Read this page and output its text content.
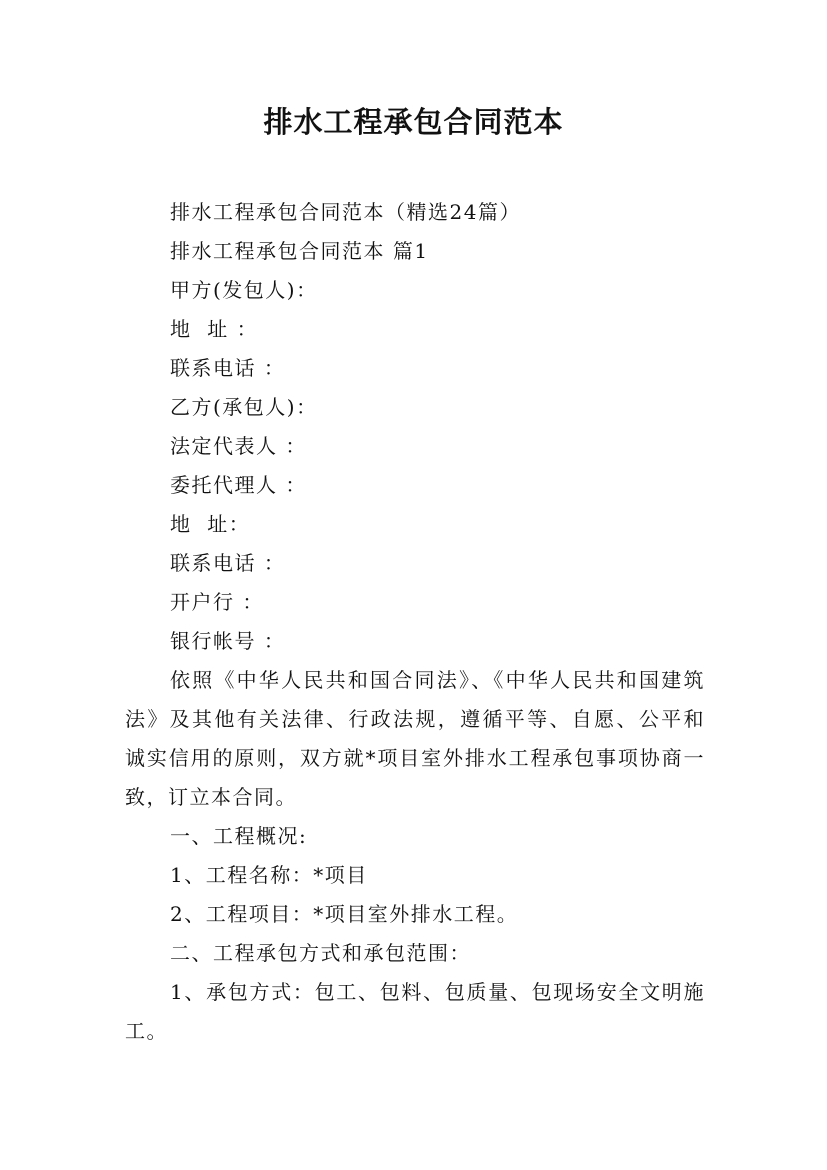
排水工程承包合同范本

排水工程承包合同范本（精选24篇）

排水工程承包合同范本 篇1

甲方(发包人)：

地  址 ：

联系电话 ：

乙方(承包人)：

法定代表人 ：

委托代理人 ：

地  址：

联系电话 ：

开户行 ：

银行帐号 ：

依照《中华人民共和国合同法》、《中华人民共和国建筑法》及其他有关法律、行政法规，遵循平等、自愿、公平和诚实信用的原则，双方就*项目室外排水工程承包事项协商一致，订立本合同。

一、工程概况:

1、工程名称：*项目

2、工程项目：*项目室外排水工程。

二、工程承包方式和承包范围：

1、承包方式：包工、包料、包质量、包现场安全文明施工。
